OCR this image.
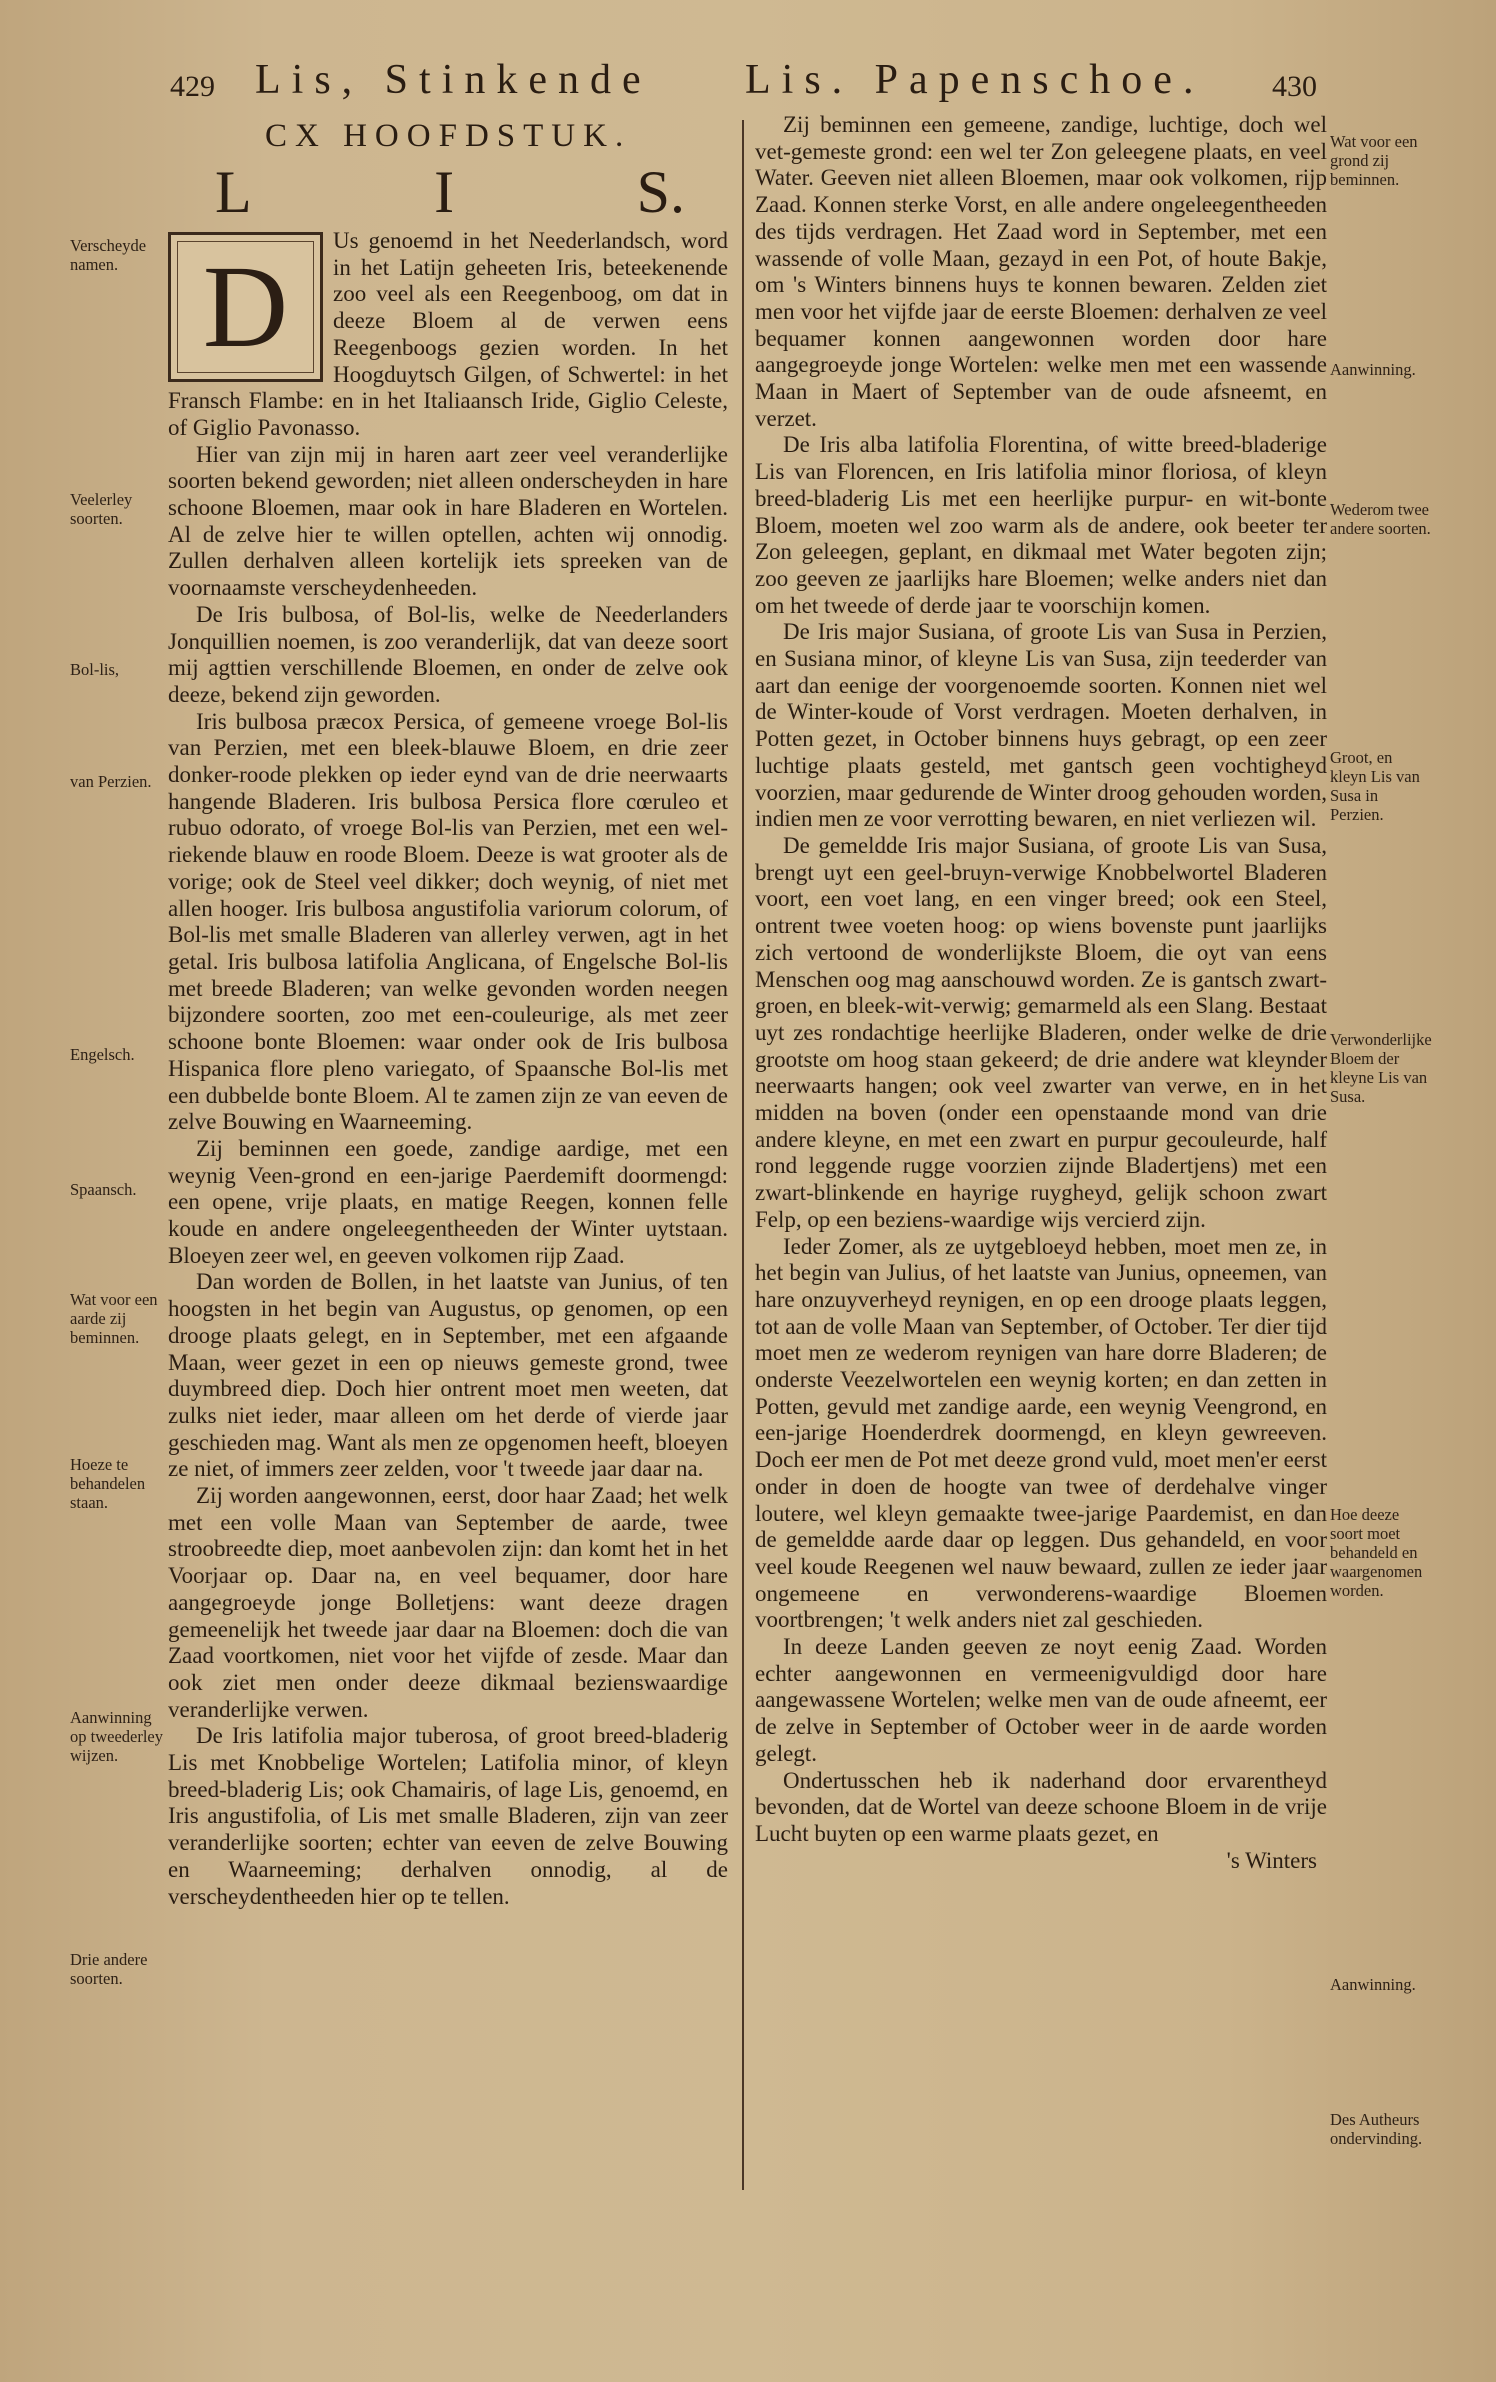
429 Lis, Stinkende Lis. Papenschoe. 430
CX HOOFDSTUK.
L	I	S.
D

Us genoemd in het Neederlandsch, word in het Latijn geheeten Iris, beteekenende zoo veel als een Reegenboog, om dat in deeze Bloem al de verwen eens Reegenboogs gezien worden. In het Hoogduytsch Gilgen, of Schwertel: in het Fransch Flambe: en in het Italiaansch Iride, Giglio Celeste, of Giglio Pavonasso.

Hier van zijn mij in haren aart zeer veel veranderlijke soorten bekend geworden; niet alleen onderscheyden in hare schoone Bloemen, maar ook in hare Bladeren en Wortelen. Al de zelve hier te willen optellen, achten wij onnodig. Zullen derhalven alleen kortelijk iets spreeken van de voornaamste verscheydenheeden.

De Iris bulbosa, of Bol-lis, welke de Neederlanders Jonquillien noemen, is zoo veranderlijk, dat van deeze soort mij agttien verschillende Bloemen, en onder de zelve ook deeze, bekend zijn geworden.

Iris bulbosa præcox Persica, of gemeene vroege Bol-lis van Perzien, met een bleek-blauwe Bloem, en drie zeer donker-roode plekken op ieder eynd van de drie neerwaarts hangende Bladeren. Iris bulbosa Persica flore cœruleo et rubuo odorato, of vroege Bol-lis van Perzien, met een wel-riekende blauw en roode Bloem. Deeze is wat grooter als de vorige; ook de Steel veel dikker; doch weynig, of niet met allen hooger. Iris bulbosa angustifolia variorum colorum, of Bol-lis met smalle Bladeren van allerley verwen, agt in het getal. Iris bulbosa latifolia Anglicana, of Engelsche Bol-lis met breede Bladeren; van welke gevonden worden neegen bijzondere soorten, zoo met een-couleurige, als met zeer schoone bonte Bloemen: waar onder ook de Iris bulbosa Hispanica flore pleno variegato, of Spaansche Bol-lis met een dubbelde bonte Bloem. Al te zamen zijn ze van eeven de zelve Bouwing en Waarneeming.

Zij beminnen een goede, zandige aardige, met een weynig Veen-grond en een-jarige Paerdemift doormengd: een opene, vrije plaats, en matige Reegen, konnen felle koude en andere ongeleegentheeden der Winter uytstaan. Bloeyen zeer wel, en geeven volkomen rijp Zaad.

Dan worden de Bollen, in het laatste van Junius, of ten hoogsten in het begin van Augustus, op genomen, op een drooge plaats gelegt, en in September, met een afgaande Maan, weer gezet in een op nieuws gemeste grond, twee duymbreed diep. Doch hier ontrent moet men weeten, dat zulks niet ieder, maar alleen om het derde of vierde jaar geschieden mag. Want als men ze opgenomen heeft, bloeyen ze niet, of immers zeer zelden, voor 't tweede jaar daar na.

Zij worden aangewonnen, eerst, door haar Zaad; het welk met een volle Maan van September de aarde, twee stroobreedte diep, moet aanbevolen zijn: dan komt het in het Voorjaar op. Daar na, en veel bequamer, door hare aangegroeyde jonge Bolletjens: want deeze dragen gemeenelijk het tweede jaar daar na Bloemen: doch die van Zaad voortkomen, niet voor het vijfde of zesde. Maar dan ook ziet men onder deeze dikmaal bezienswaardige veranderlijke verwen.

De Iris latifolia major tuberosa, of groot breed-bladerig Lis met Knobbelige Wortelen; Latifolia minor, of kleyn breed-bladerig Lis; ook Chamairis, of lage Lis, genoemd, en Iris angustifolia, of Lis met smalle Bladeren, zijn van zeer veranderlijke soorten; echter van eeven de zelve Bouwing en Waarneeming; derhalven onnodig, al de verscheydentheeden hier op te tellen.

Zij beminnen een gemeene, zandige, luchtige, doch wel vet-gemeste grond: een wel ter Zon geleegene plaats, en veel Water. Geeven niet alleen Bloemen, maar ook volkomen, rijp Zaad. Konnen sterke Vorst, en alle andere ongeleegentheeden des tijds verdragen. Het Zaad word in September, met een wassende of volle Maan, gezayd in een Pot, of houte Bakje, om 's Winters binnens huys te konnen bewaren. Zelden ziet men voor het vijfde jaar de eerste Bloemen: derhalven ze veel bequamer konnen aangewonnen worden door hare aangegroeyde jonge Wortelen: welke men met een wassende Maan in Maert of September van de oude afsneemt, en verzet.

De Iris alba latifolia Florentina, of witte breed-bladerige Lis van Florencen, en Iris latifolia minor floriosa, of kleyn breed-bladerig Lis met een heerlijke purpur- en wit-bonte Bloem, moeten wel zoo warm als de andere, ook beeter ter Zon geleegen, geplant, en dikmaal met Water begoten zijn; zoo geeven ze jaarlijks hare Bloemen; welke anders niet dan om het tweede of derde jaar te voorschijn komen.

De Iris major Susiana, of groote Lis van Susa in Perzien, en Susiana minor, of kleyne Lis van Susa, zijn teederder van aart dan eenige der voorgenoemde soorten. Konnen niet wel de Winter-koude of Vorst verdragen. Moeten derhalven, in Potten gezet, in October binnens huys gebragt, op een zeer luchtige plaats gesteld, met gantsch geen vochtigheyd voorzien, maar gedurende de Winter droog gehouden worden, indien men ze voor verrotting bewaren, en niet verliezen wil.

De gemeldde Iris major Susiana, of groote Lis van Susa, brengt uyt een geel-bruyn-verwige Knobbelwortel Bladeren voort, een voet lang, en een vinger breed; ook een Steel, ontrent twee voeten hoog: op wiens bovenste punt jaarlijks zich vertoond de wonderlijkste Bloem, die oyt van eens Menschen oog mag aanschouwd worden. Ze is gantsch zwart-groen, en bleek-wit-verwig; gemarmeld als een Slang. Bestaat uyt zes rondachtige heerlijke Bladeren, onder welke de drie grootste om hoog staan gekeerd; de drie andere wat kleynder neerwaarts hangen; ook veel zwarter van verwe, en in het midden na boven (onder een openstaande mond van drie andere kleyne, en met een zwart en purpur gecouleurde, half rond leggende rugge voorzien zijnde Bladertjens) met een zwart-blinkende en hayrige ruygheyd, gelijk schoon zwart Felp, op een beziens-waardige wijs vercierd zijn.

Ieder Zomer, als ze uytgebloeyd hebben, moet men ze, in het begin van Julius, of het laatste van Junius, opneemen, van hare onzuyverheyd reynigen, en op een drooge plaats leggen, tot aan de volle Maan van September, of October. Ter dier tijd moet men ze wederom reynigen van hare dorre Bladeren; de onderste Veezelwortelen een weynig korten; en dan zetten in Potten, gevuld met zandige aarde, een weynig Veengrond, en een-jarige Hoenderdrek doormengd, en kleyn gewreeven. Doch eer men de Pot met deeze grond vuld, moet men'er eerst onder in doen de hoogte van twee of derdehalve vinger loutere, wel kleyn gemaakte twee-jarige Paardemist, en dan de gemeldde aarde daar op leggen. Dus gehandeld, en voor veel koude Reegenen wel nauw bewaard, zullen ze ieder jaar ongemeene en verwonderens-waardige Bloemen voortbrengen; 't welk anders niet zal geschieden.

In deeze Landen geeven ze noyt eenig Zaad. Worden echter aangewonnen en vermeenigvuldigd door hare aangewassene Wortelen; welke men van de oude afneemt, eer de zelve in September of October weer in de aarde worden gelegt.

Ondertusschen heb ik naderhand door ervarentheyd bevonden, dat de Wortel van deeze schoone Bloem in de vrije Lucht buyten op een warme plaats gezet, en

's Winters
Verscheyde namen.
Veelerley soorten.
Bol-lis,
van Perzien.
Engelsch.
Spaansch.
Wat voor een aarde zij beminnen.
Hoeze te behandelen staan.
Aanwinning op tweederley wijzen.
Drie andere soorten.
Wat voor een grond zij beminnen.
Aanwinning.
Wederom twee andere soorten.
Groot, en kleyn Lis van Susa in Perzien.
Verwonderlijke Bloem der kleyne Lis van Susa.
Hoe deeze soort moet behandeld en waargenomen worden.
Aanwinning.
Des Autheurs ondervinding.
